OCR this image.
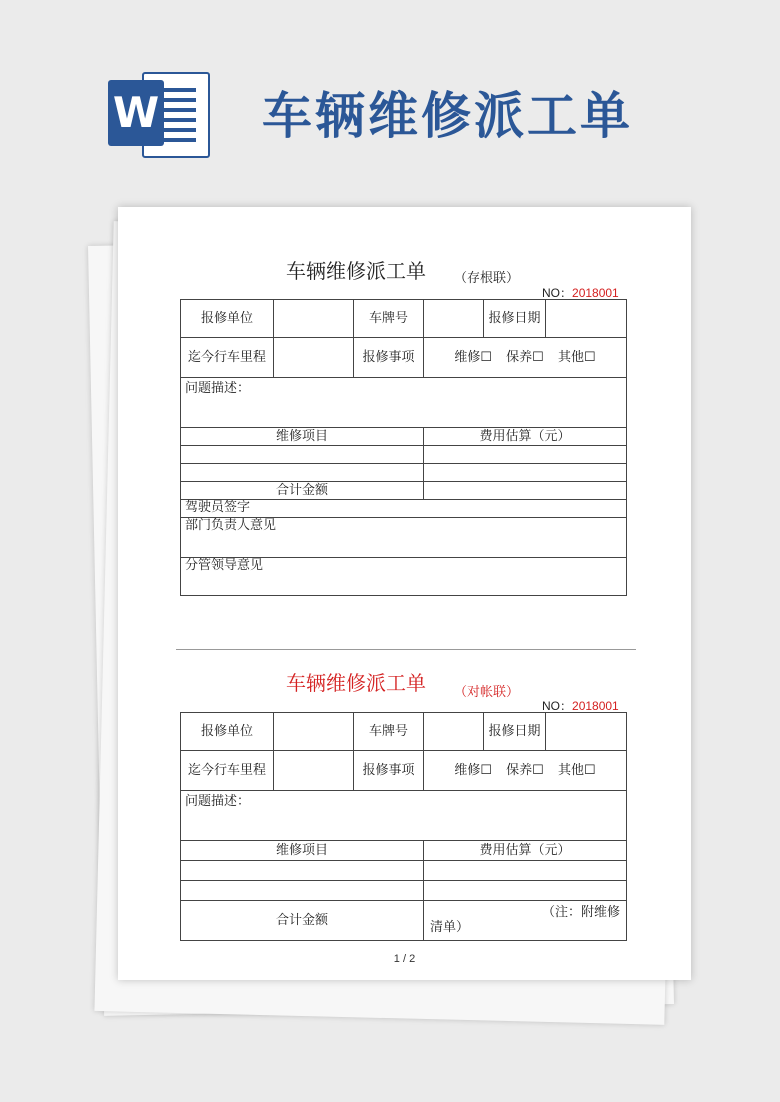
W 车辆维修派工单
车辆维修派工单 （存根联）
NO：2018001
报修单位		车牌号		报修日期	
迄今行车里程		报修事项	维修☐ 保养☐ 其他☐		
问题描述：					
维修项目			费用估算（元）		

合计金额					
驾驶员签字					
部门负责人意见					
分管领导意见					
车辆维修派工单 （对帐联）
NO：2018001
报修单位		车牌号		报修日期	
迄今行车里程		报修事项	维修☐ 保养☐ 其他☐		
问题描述：					
维修项目			费用估算（元）		

合计金额			（注：附维修
清单）		
1 / 2
